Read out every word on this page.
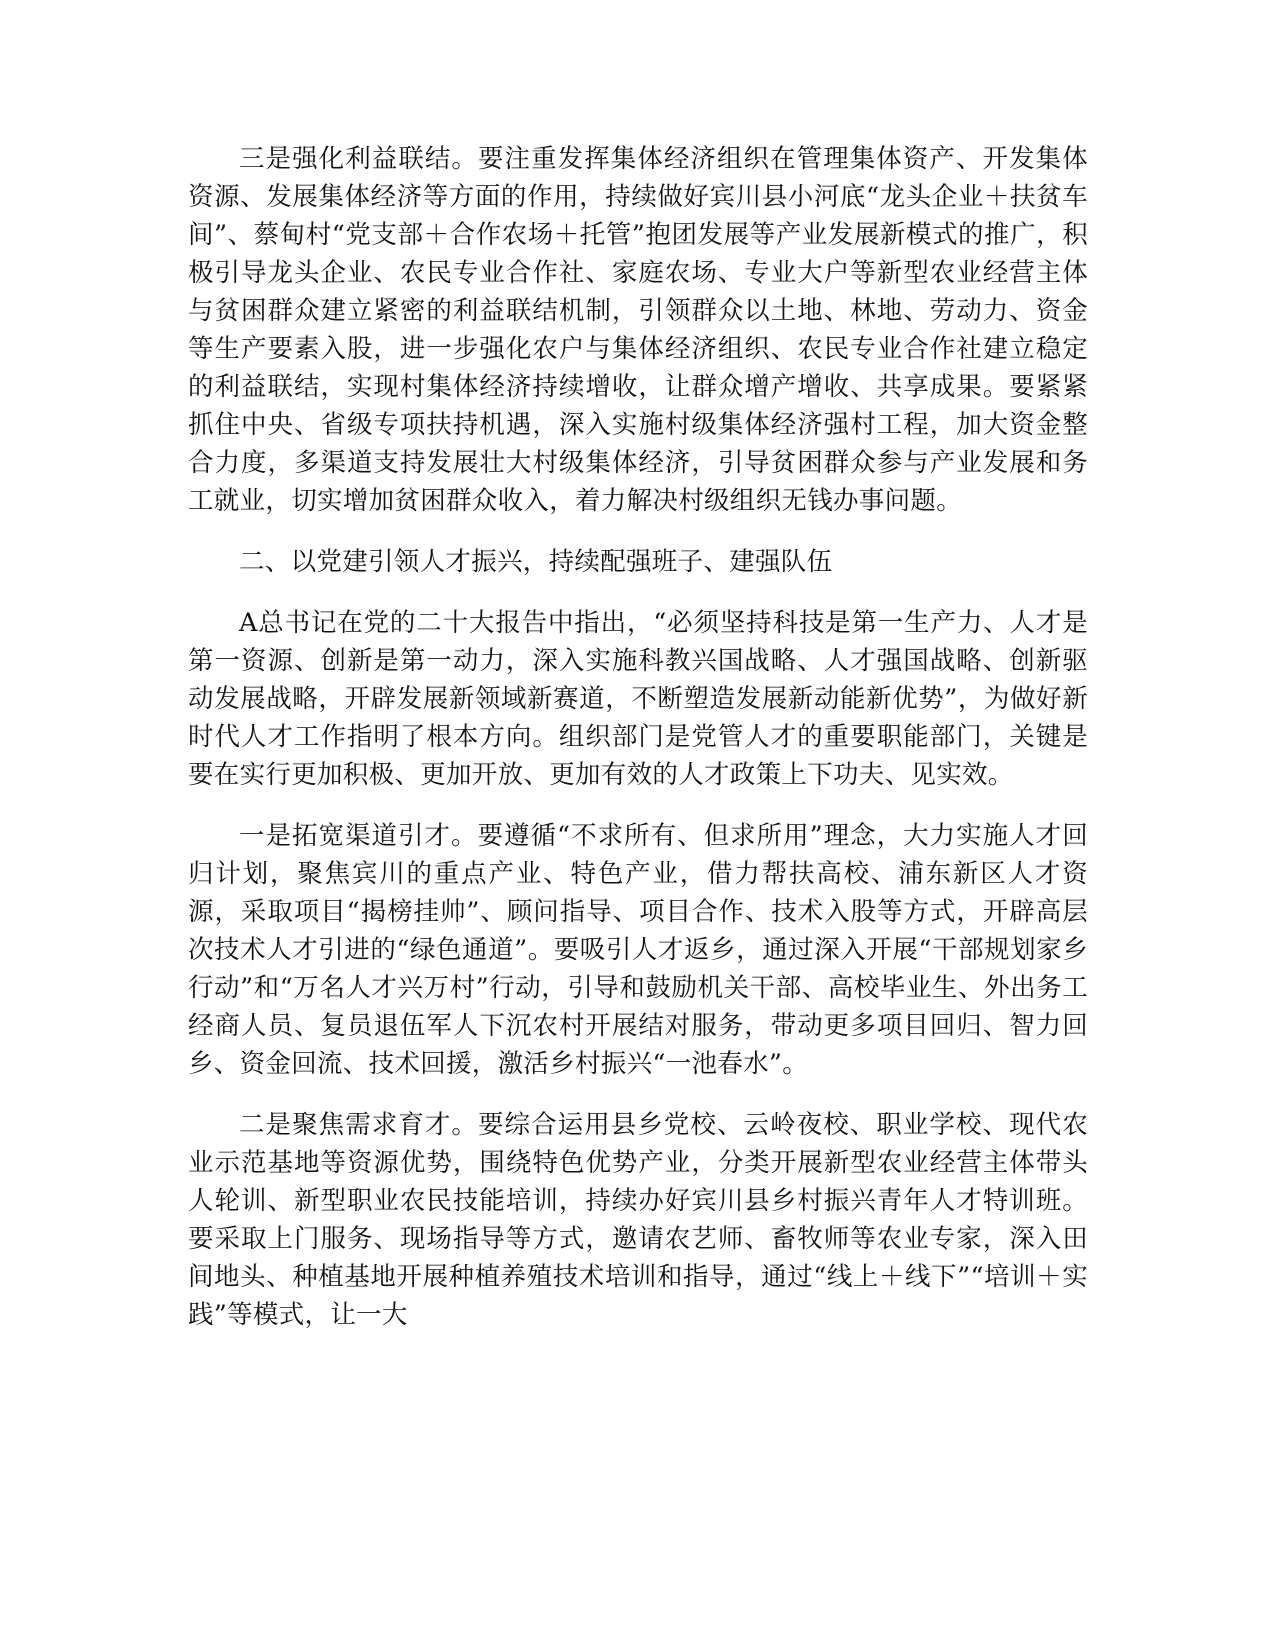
三是强化利益联结。要注重发挥集体经济组织在管理集体资产、开发集体资源、发展集体经济等方面的作用，持续做好宾川县小河底“龙头企业＋扶贫车间”、蔡甸村“党支部＋合作农场＋托管”抱团发展等产业发展新模式的推广，积极引导龙头企业、农民专业合作社、家庭农场、专业大户等新型农业经营主体与贫困群众建立紧密的利益联结机制，引领群众以土地、林地、劳动力、资金等生产要素入股，进一步强化农户与集体经济组织、农民专业合作社建立稳定的利益联结，实现村集体经济持续增收，让群众增产增收、共享成果。要紧紧抓住中央、省级专项扶持机遇，深入实施村级集体经济强村工程，加大资金整合力度，多渠道支持发展壮大村级集体经济，引导贫困群众参与产业发展和务工就业，切实增加贫困群众收入，着力解决村级组织无钱办事问题。

二、以党建引领人才振兴，持续配强班子、建强队伍

A总书记在党的二十大报告中指出，“必须坚持科技是第一生产力、人才是第一资源、创新是第一动力，深入实施科教兴国战略、人才强国战略、创新驱动发展战略，开辟发展新领域新赛道，不断塑造发展新动能新优势”，为做好新时代人才工作指明了根本方向。组织部门是党管人才的重要职能部门，关键是要在实行更加积极、更加开放、更加有效的人才政策上下功夫、见实效。

一是拓宽渠道引才。要遵循“不求所有、但求所用”理念，大力实施人才回归计划，聚焦宾川的重点产业、特色产业，借力帮扶高校、浦东新区人才资源，采取项目“揭榜挂帅”、顾问指导、项目合作、技术入股等方式，开辟高层次技术人才引进的“绿色通道”。要吸引人才返乡，通过深入开展“干部规划家乡行动”和“万名人才兴万村”行动，引导和鼓励机关干部、高校毕业生、外出务工经商人员、复员退伍军人下沉农村开展结对服务，带动更多项目回归、智力回乡、资金回流、技术回援，激活乡村振兴“一池春水”。

二是聚焦需求育才。要综合运用县乡党校、云岭夜校、职业学校、现代农业示范基地等资源优势，围绕特色优势产业，分类开展新型农业经营主体带头人轮训、新型职业农民技能培训，持续办好宾川县乡村振兴青年人才特训班。要采取上门服务、现场指导等方式，邀请农艺师、畜牧师等农业专家，深入田间地头、种植基地开展种植养殖技术培训和指导，通过“线上＋线下”“培训＋实践”等模式，让一大
